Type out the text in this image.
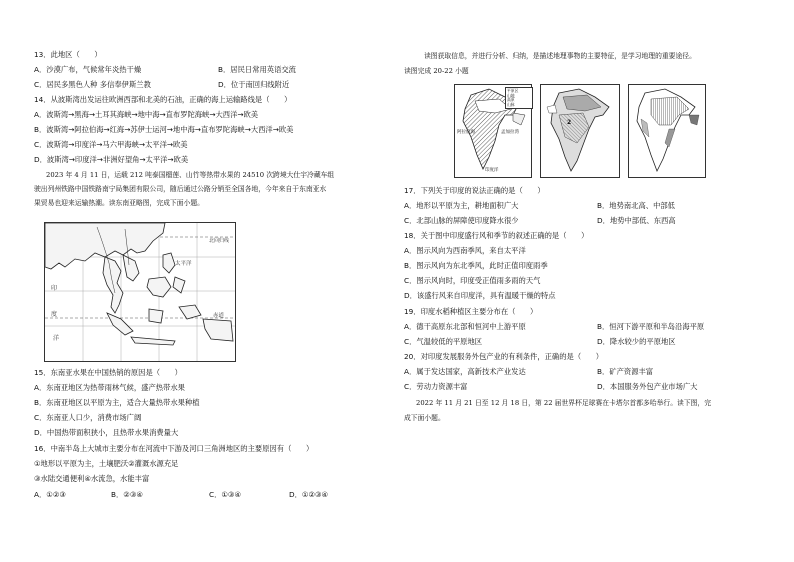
13．此地区（　　）
A．沙漠广布，气候常年炎热干燥	B．居民日常用英语交流
C．居民多黑色人种 多信奉伊斯兰教	D．位于南回归线附近
14．从波斯湾出发运往欧洲西部和北美的石油，正确的海上运输路线是（　　）
A．波斯湾→黑海→土耳其海峡→地中海→直布罗陀海峡→大西洋→欧美
B．波斯湾→阿拉伯海→红海→苏伊士运河→地中海→直布罗陀海峡→大西洋→欧美
C．波斯湾→印度洋→马六甲海峡→太平洋→欧美
D．波斯湾→印度洋→非洲好望角→太平洋→欧美
2023 年 4 月 11 日，运载 212 吨泰国榴莲、山竹等热带水果的 24510 次跨境大仕宇冷藏车组
驶出列州铁路中国铁路南宁局集团有限公司，随后通过公路分销至全国各地，今年来自于东南亚水
果贸易也迎来运输热潮。读东南亚略图，完成下面小题。
北回归线
太平洋
赤道
印
度
洋
15．东南亚水果在中国热销的原因是（　　）
A．东南亚地区为热带雨林气候，盛产热带水果
B．东南亚地区以平原为主，适合大量热带水果种植
C．东南亚人口少，消费市场广阔
D．中国热带面积狭小，且热带水果消费量大
16．中南半岛上大城市主要分布在河流中下游及河口三角洲地区的主要原因有（　　）
①地形以平原为主，土壤肥沃②灌溉水源充足
③水陆交通便利④水流急，水能丰富
A．①②③	B．②③④	C．①③④	D．①②③④
读图获取信息，并进行分析、归纳，是描述地理事物的主要特征，是学习地理的重要途径。
读图完成 20-22 小题
平原区
山地
高原
山脉
孟加拉湾
阿拉伯海
印度洋
2
17．下列关于印度的说法正确的是（　　）
A．地形以平原为主，耕地面积广大	B．地势南北高、中部低
C．北部山脉的屏障使印度降水很少	D．地势中部低、东西高
18．关于图中印度盛行风和季节的叙述正确的是（　　）
A．图示风向为西南季风，来自太平洋
B．图示风向为东北季风，此时正值印度雨季
C．图示风向时，印度受正值雨多雨的天气
D．该盛行风来自印度洋，具有温暖干燥的特点
19．印度水稻种植区主要分布在（　　）
A．德干高原东北部和恒河中上游平原	B．恒河下游平原和半岛沿海平原
C．气温较低的平原地区	D．降水较少的平原地区
20．对印度发展服务外包产业的有利条件，正确的是（　　）
A．属于发达国家，高新技术产业发达	B．矿产资源丰富
C．劳动力资源丰富	D．本国服务外包产业市场广大
2022 年 11 月 21 日至 12 月 18 日，第 22 届世界杯足球赛在卡塔尔首都多哈举行。读下图，完
成下面小题。
